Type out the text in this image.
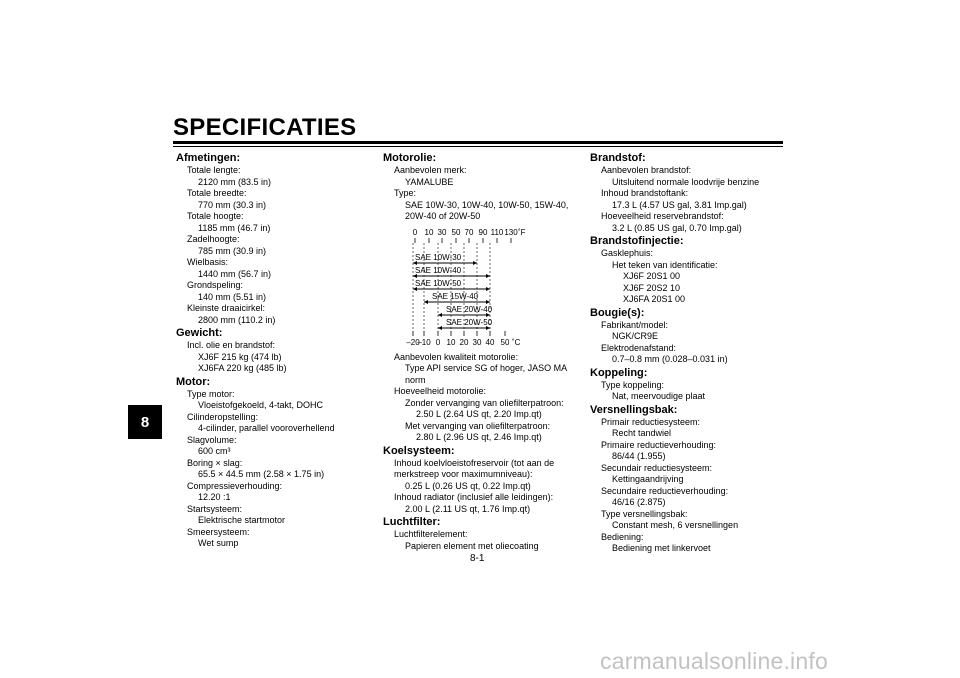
SPECIFICATIES
8
Afmetingen:
Totale lengte:
2120 mm (83.5 in)
Totale breedte:
770 mm (30.3 in)
Totale hoogte:
1185 mm (46.7 in)
Zadelhoogte:
785 mm (30.9 in)
Wielbasis:
1440 mm (56.7 in)
Grondspeling:
140 mm (5.51 in)
Kleinste draaicirkel:
2800 mm (110.2 in)
Gewicht:
Incl. olie en brandstof:
XJ6F 215 kg (474 lb)
XJ6FA 220 kg (485 lb)
Motor:
Type motor:
Vloeistofgekoeld, 4-takt, DOHC
Cilinderopstelling:
4-cilinder, parallel vooroverhellend
Slagvolume:
600 cm³
Boring × slag:
65.5 × 44.5 mm (2.58 × 1.75 in)
Compressieverhouding:
12.20 :1
Startsysteem:
Elektrische startmotor
Smeersysteem:
Wet sump
Motorolie:
Aanbevolen merk:
YAMALUBE
Type:
SAE 10W-30, 10W-40, 10W-50, 15W-40,
20W-40 of 20W-50
0 10 30 50 70 90 110 130 ˚F
–20
–10 0 10 20 30 40 50 ˚C
SAE 10W-30
SAE 10W-40
SAE 10W-50
SAE 15W-40
SAE 20W-40
SAE 20W-50
Aanbevolen kwaliteit motorolie:
Type API service SG of hoger, JASO MA
norm
Hoeveelheid motorolie:
Zonder vervanging van oliefilterpatroon:
2.50 L (2.64 US qt, 2.20 Imp.qt)
Met vervanging van oliefilterpatroon:
2.80 L (2.96 US qt, 2.46 Imp.qt)
Koelsysteem:
Inhoud koelvloeistofreservoir (tot aan de
merkstreep voor maximumniveau):
0.25 L (0.26 US qt, 0.22 Imp.qt)
Inhoud radiator (inclusief alle leidingen):
2.00 L (2.11 US qt, 1.76 Imp.qt)
Luchtfilter:
Luchtfilterelement:
Papieren element met oliecoating
Brandstof:
Aanbevolen brandstof:
Uitsluitend normale loodvrije benzine
Inhoud brandstoftank:
17.3 L (4.57 US gal, 3.81 Imp.gal)
Hoeveelheid reservebrandstof:
3.2 L (0.85 US gal, 0.70 Imp.gal)
Brandstofinjectie:
Gasklephuis:
Het teken van identificatie:
XJ6F 20S1 00
XJ6F 20S2 10
XJ6FA 20S1 00
Bougie(s):
Fabrikant/model:
NGK/CR9E
Elektrodenafstand:
0.7–0.8 mm (0.028–0.031 in)
Koppeling:
Type koppeling:
Nat, meervoudige plaat
Versnellingsbak:
Primair reductiesysteem:
Recht tandwiel
Primaire reductieverhouding:
86/44 (1.955)
Secundair reductiesysteem:
Kettingaandrijving
Secundaire reductieverhouding:
46/16 (2.875)
Type versnellingsbak:
Constant mesh, 6 versnellingen
Bediening:
Bediening met linkervoet
8-1
carmanualsonline.info
